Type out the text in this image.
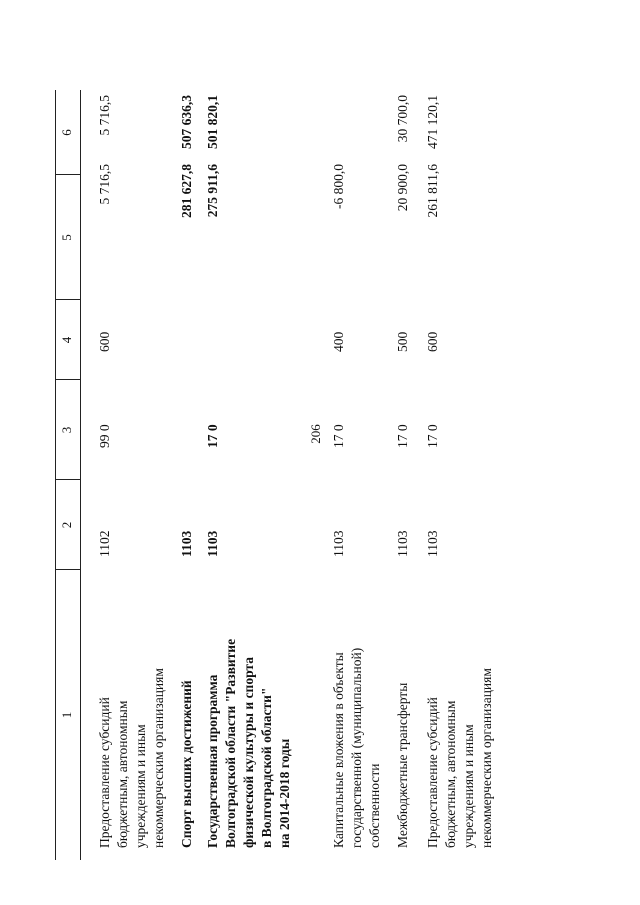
206
1
2
3
4
5
6
Предоставление субсидий
бюджетным, автономным
учреждениям и иным
некоммерческим организациям
1102
99 0
600
5 716,5
5 716,5
Спорт высших достижений
1103
281 627,8
507 636,3
Государственная программа
Волгоградской области "Развитие
физической культуры и спорта
в Волгоградской области"
на 2014-2018 годы
1103
17 0
275 911,6
501 820,1
Капитальные вложения в объекты
государственной (муниципальной)
собственности
1103
17 0
400
-6 800,0
Межбюджетные трансферты
1103
17 0
500
20 900,0
30 700,0
Предоставление субсидий
бюджетным, автономным
учреждениям и иным
некоммерческим организациям
1103
17 0
600
261 811,6
471 120,1
